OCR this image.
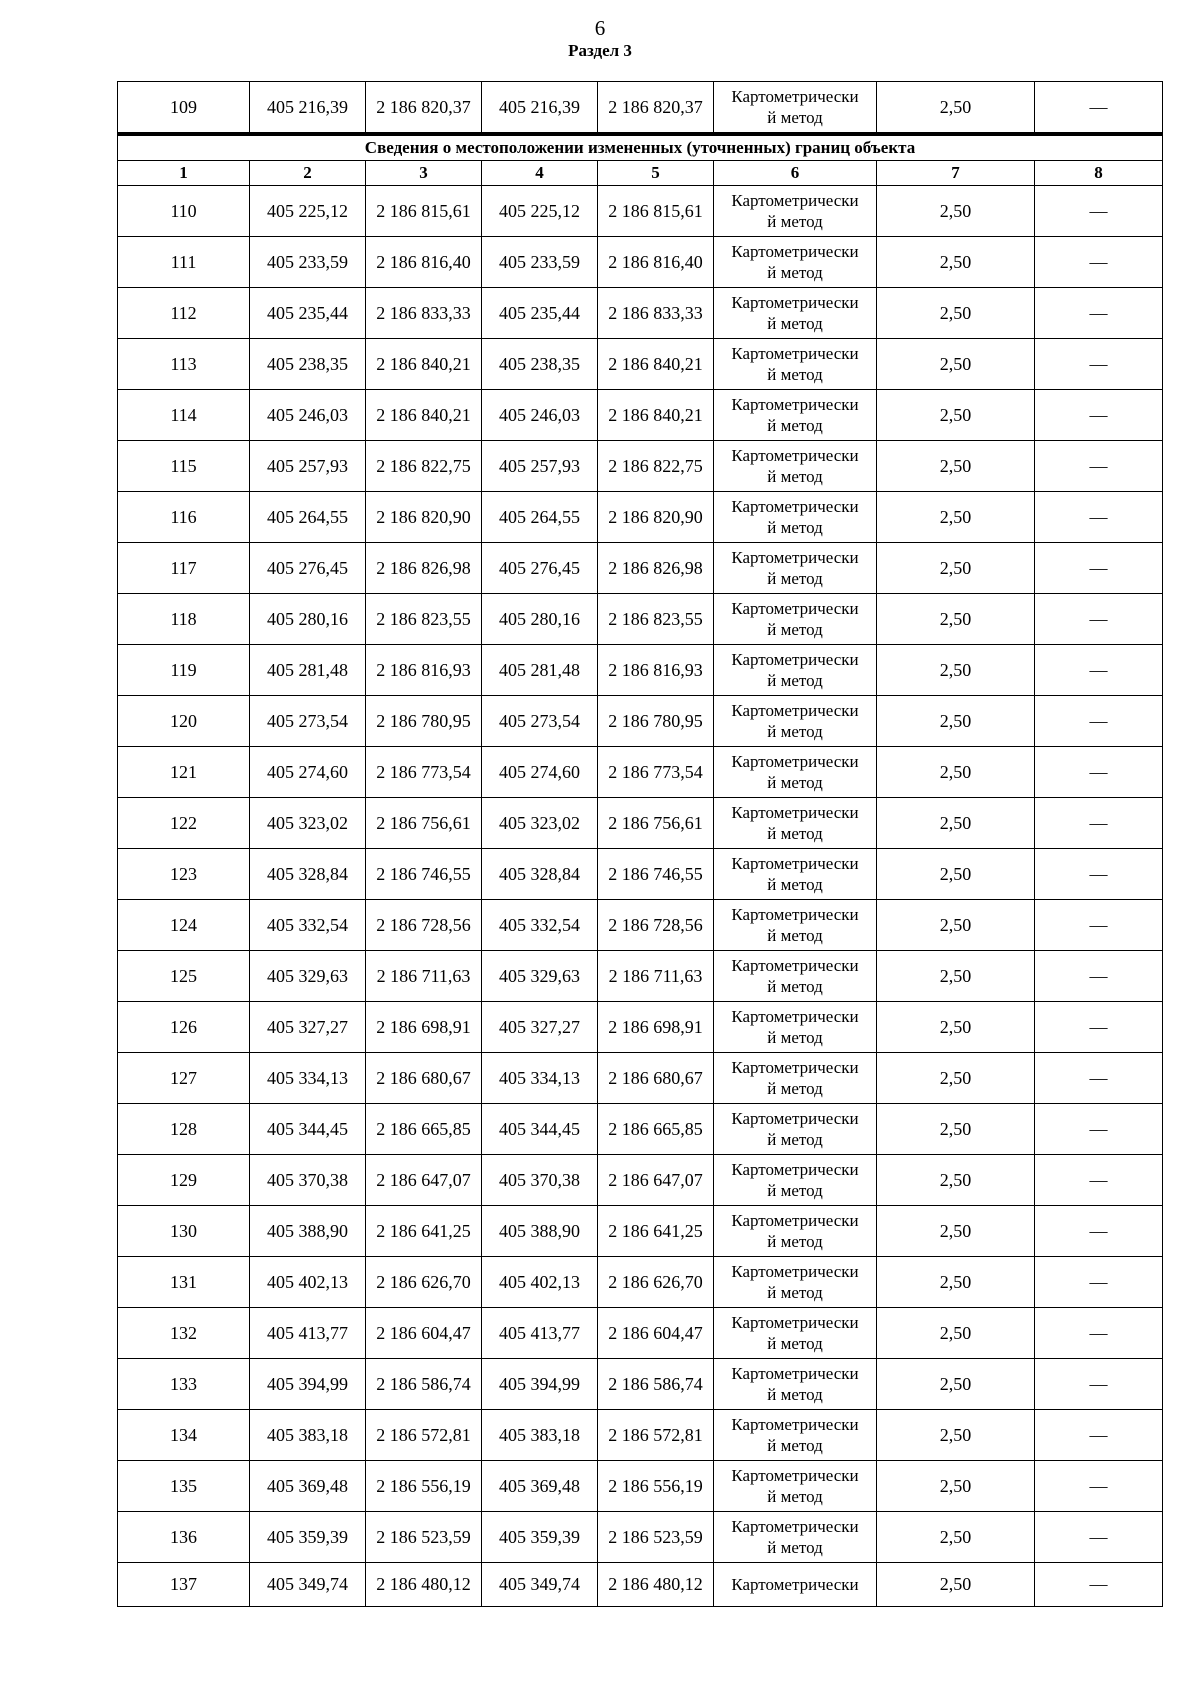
6
Раздел 3
109	405 216,39	2 186 820,37	405 216,39	2 186 820,37	Картометрически
й метод	2,50	—
Сведения о местоположении измененных (уточненных) границ объекта							
1	2	3	4	5	6	7	8
110	405 225,12	2 186 815,61	405 225,12	2 186 815,61	Картометрически
й метод	2,50	—
111	405 233,59	2 186 816,40	405 233,59	2 186 816,40	Картометрически
й метод	2,50	—
112	405 235,44	2 186 833,33	405 235,44	2 186 833,33	Картометрически
й метод	2,50	—
113	405 238,35	2 186 840,21	405 238,35	2 186 840,21	Картометрически
й метод	2,50	—
114	405 246,03	2 186 840,21	405 246,03	2 186 840,21	Картометрически
й метод	2,50	—
115	405 257,93	2 186 822,75	405 257,93	2 186 822,75	Картометрически
й метод	2,50	—
116	405 264,55	2 186 820,90	405 264,55	2 186 820,90	Картометрически
й метод	2,50	—
117	405 276,45	2 186 826,98	405 276,45	2 186 826,98	Картометрически
й метод	2,50	—
118	405 280,16	2 186 823,55	405 280,16	2 186 823,55	Картометрически
й метод	2,50	—
119	405 281,48	2 186 816,93	405 281,48	2 186 816,93	Картометрически
й метод	2,50	—
120	405 273,54	2 186 780,95	405 273,54	2 186 780,95	Картометрически
й метод	2,50	—
121	405 274,60	2 186 773,54	405 274,60	2 186 773,54	Картометрически
й метод	2,50	—
122	405 323,02	2 186 756,61	405 323,02	2 186 756,61	Картометрически
й метод	2,50	—
123	405 328,84	2 186 746,55	405 328,84	2 186 746,55	Картометрически
й метод	2,50	—
124	405 332,54	2 186 728,56	405 332,54	2 186 728,56	Картометрически
й метод	2,50	—
125	405 329,63	2 186 711,63	405 329,63	2 186 711,63	Картометрически
й метод	2,50	—
126	405 327,27	2 186 698,91	405 327,27	2 186 698,91	Картометрически
й метод	2,50	—
127	405 334,13	2 186 680,67	405 334,13	2 186 680,67	Картометрически
й метод	2,50	—
128	405 344,45	2 186 665,85	405 344,45	2 186 665,85	Картометрически
й метод	2,50	—
129	405 370,38	2 186 647,07	405 370,38	2 186 647,07	Картометрически
й метод	2,50	—
130	405 388,90	2 186 641,25	405 388,90	2 186 641,25	Картометрически
й метод	2,50	—
131	405 402,13	2 186 626,70	405 402,13	2 186 626,70	Картометрически
й метод	2,50	—
132	405 413,77	2 186 604,47	405 413,77	2 186 604,47	Картометрически
й метод	2,50	—
133	405 394,99	2 186 586,74	405 394,99	2 186 586,74	Картометрически
й метод	2,50	—
134	405 383,18	2 186 572,81	405 383,18	2 186 572,81	Картометрически
й метод	2,50	—
135	405 369,48	2 186 556,19	405 369,48	2 186 556,19	Картометрически
й метод	2,50	—
136	405 359,39	2 186 523,59	405 359,39	2 186 523,59	Картометрически
й метод	2,50	—
137	405 349,74	2 186 480,12	405 349,74	2 186 480,12	Картометрически	2,50	—
